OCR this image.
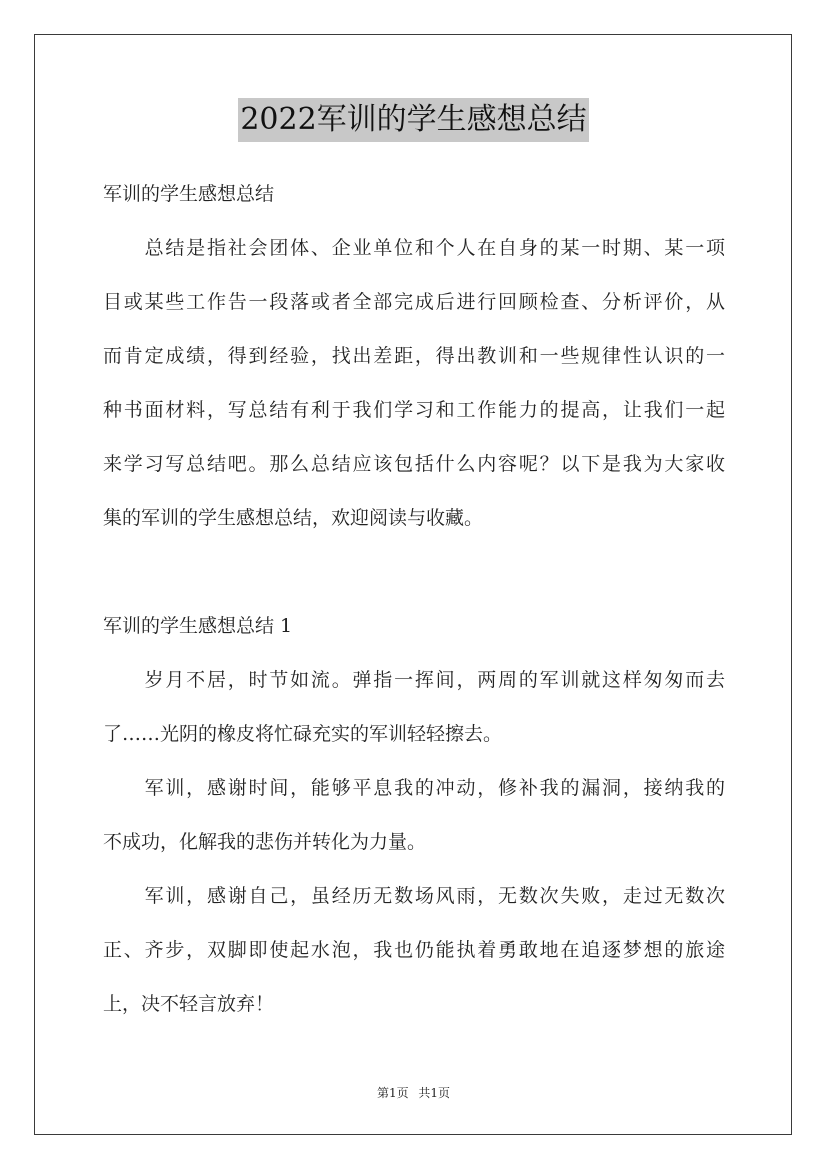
2022军训的学生感想总结
军训的学生感想总结
　　总结是指社会团体、企业单位和个人在自身的某一时期、某一项
目或某些工作告一段落或者全部完成后进行回顾检查、分析评价，从
而肯定成绩，得到经验，找出差距，得出教训和一些规律性认识的一
种书面材料，写总结有利于我们学习和工作能力的提高，让我们一起
来学习写总结吧。那么总结应该包括什么内容呢？以下是我为大家收
集的军训的学生感想总结，欢迎阅读与收藏。
军训的学生感想总结 1
　　岁月不居，时节如流。弹指一挥间，两周的军训就这样匆匆而去
了……光阴的橡皮将忙碌充实的军训轻轻擦去。
　　军训，感谢时间，能够平息我的冲动，修补我的漏洞，接纳我的
不成功，化解我的悲伤并转化为力量。
　　军训，感谢自己，虽经历无数场风雨，无数次失败，走过无数次
正、齐步，双脚即使起水泡，我也仍能执着勇敢地在追逐梦想的旅途
上，决不轻言放弃！
第1页 共1页
